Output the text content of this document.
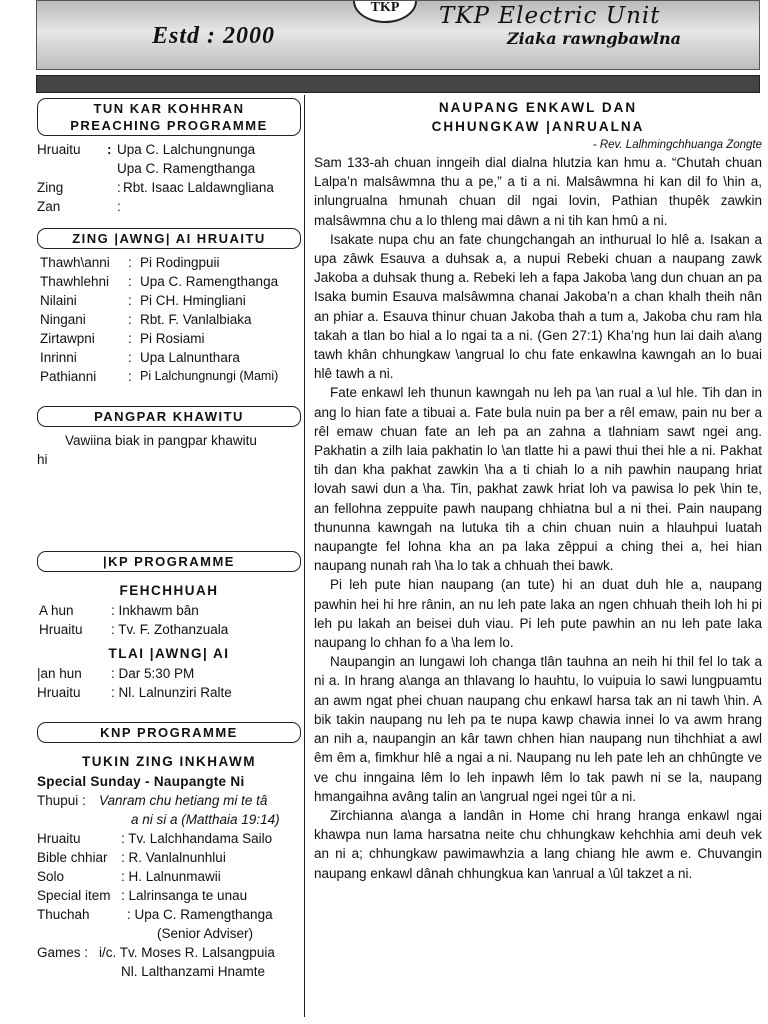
Estd : 2000
TKP TKP Electric Unit
Ziaka rawngbawlna
TUN KAR KOHHRAN
PREACHING PROGRAMME
Hruaitu	: Upa C. Lalchungnunga
Upa C. Ramengthanga
Zing	: Rbt. Isaac Laldawngliana
Zan	:
ZING |AWNG| AI HRUAITU
Thawh\anni	: Pi Rodingpuii
Thawhlehni	: Upa C. Ramengthanga
Nilaini	: Pi CH. Hmingliani
Ningani	: Rbt. F. Vanlalbiaka
Zirtawpni	: Pi Rosiami
Inrinni	: Upa Lalnunthara
Pathianni	: Pi Lalchungnungi (Mami)
PANGPAR KHAWITU
Vawiina biak in pangpar khawitu
hi
|KP PROGRAMME
FEHCHHUAH
A hun	: Inkhawm bân
Hruaitu	: Tv. F. Zothanzuala
TLAI |AWNG| AI
|an hun	: Dar 5:30 PM
Hruaitu	: Nl. Lalnunziri Ralte
KNP PROGRAMME
TUKIN ZING INKHAWM
Special Sunday - Naupangte Ni
Thupui : Vanram chu hetiang mi te tâ
a ni si a (Matthaia 19:14)
Hruaitu	: Tv. Lalchhandama Sailo
Bible chhiar : R. Vanlalnunhlui
Solo	: H. Lalnunmawii
Special item : Lalrinsanga te unau
Thuchah	: Upa C. Ramengthanga
(Senior Adviser)
Games : i/c. Tv. Moses R. Lalsangpuia
Nl. Lalthanzami Hnamte
NAUPANG ENKAWL DAN
CHHUNGKAW |ANRUALNA
- Rev. Lalhmingchhuanga Zongte

Sam 133-ah chuan inngeih dial dialna hlutzia kan hmu a. “Chutah chuan Lalpa’n malsâwmna thu a pe,” a ti a ni. Malsâwmna hi kan dil fo \hin a, inlungrualna hmunah chuan dil ngai lovin, Pathian thupêk zawkin malsâwmna chu a lo thleng mai dâwn a ni tih kan hmû a ni.

Isakate nupa chu an fate chungchangah an inthurual lo hlê a. Isakan a upa zâwk Esauva a duhsak a, a nupui Rebeki chuan a naupang zawk Jakoba a duhsak thung a. Rebeki leh a fapa Jakoba \ang dun chuan an pa Isaka bumin Esauva malsâwmna chanai Jakoba’n a chan khalh theih nân an phiar a. Esauva thinur chuan Jakoba thah a tum a, Jakoba chu ram hla takah a tlan bo hial a lo ngai ta a ni. (Gen 27:1) Kha’ng hun lai daih a\ang tawh khân chhungkaw \angrual lo chu fate enkawlna kawngah an lo buai hlê tawh a ni.

Fate enkawl leh thunun kawngah nu leh pa \an rual a \ul hle. Tih dan in ang lo hian fate a tibuai a. Fate bula nuin pa ber a rêl emaw, pain nu ber a rêl emaw chuan fate an leh pa an zahna a tlahniam sawt ngei ang. Pakhatin a zilh laia pakhatin lo \an tlatte hi a pawi thui thei hle a ni. Pakhat tih dan kha pakhat zawkin \ha a ti chiah lo a nih pawhin naupang hriat lovah sawi dun a \ha. Tin, pakhat zawk hriat loh va pawisa lo pek \hin te, an fellohna zeppuite pawh naupang chhiatna bul a ni thei. Pain naupang thununna kawngah na lutuka tih a chin chuan nuin a hlauhpui luatah naupangte fel lohna kha an pa laka zêppui a ching thei a, hei hian naupang nunah rah \ha lo tak a chhuah thei bawk.

Pi leh pute hian naupang (an tute) hi an duat duh hle a, naupang pawhin hei hi hre rânin, an nu leh pate laka an ngen chhuah theih loh hi pi leh pu lakah an beisei duh viau. Pi leh pute pawhin an nu leh pate laka naupang lo chhan fo a \ha lem lo.

Naupangin an lungawi loh changa tlân tauhna an neih hi thil fel lo tak a ni a. In hrang a\anga an thlavang lo hauhtu, lo vuipuia lo sawi lungpuamtu an awm ngat phei chuan naupang chu enkawl harsa tak an ni tawh \hin. A bik takin naupang nu leh pa te nupa kawp chawia innei lo va awm hrang an nih a, naupangin an kâr tawn chhen hian naupang nun tihchhiat a awl êm êm a, fimkhur hlê a ngai a ni. Naupang nu leh pate leh an chhûngte ve ve chu inngaina lêm lo leh inpawh lêm lo tak pawh ni se la, naupang hmangaihna avâng talin an \angrual ngei ngei tûr a ni.

Zirchianna a\anga a landân in Home chi hrang hranga enkawl ngai khawpa nun lama harsatna neite chu chhungkaw kehchhia ami deuh vek an ni a; chhungkaw pawimawhzia a lang chiang hle awm e. Chuvangin naupang enkawl dânah chhungkua kan \anrual a \ûl takzet a ni.
